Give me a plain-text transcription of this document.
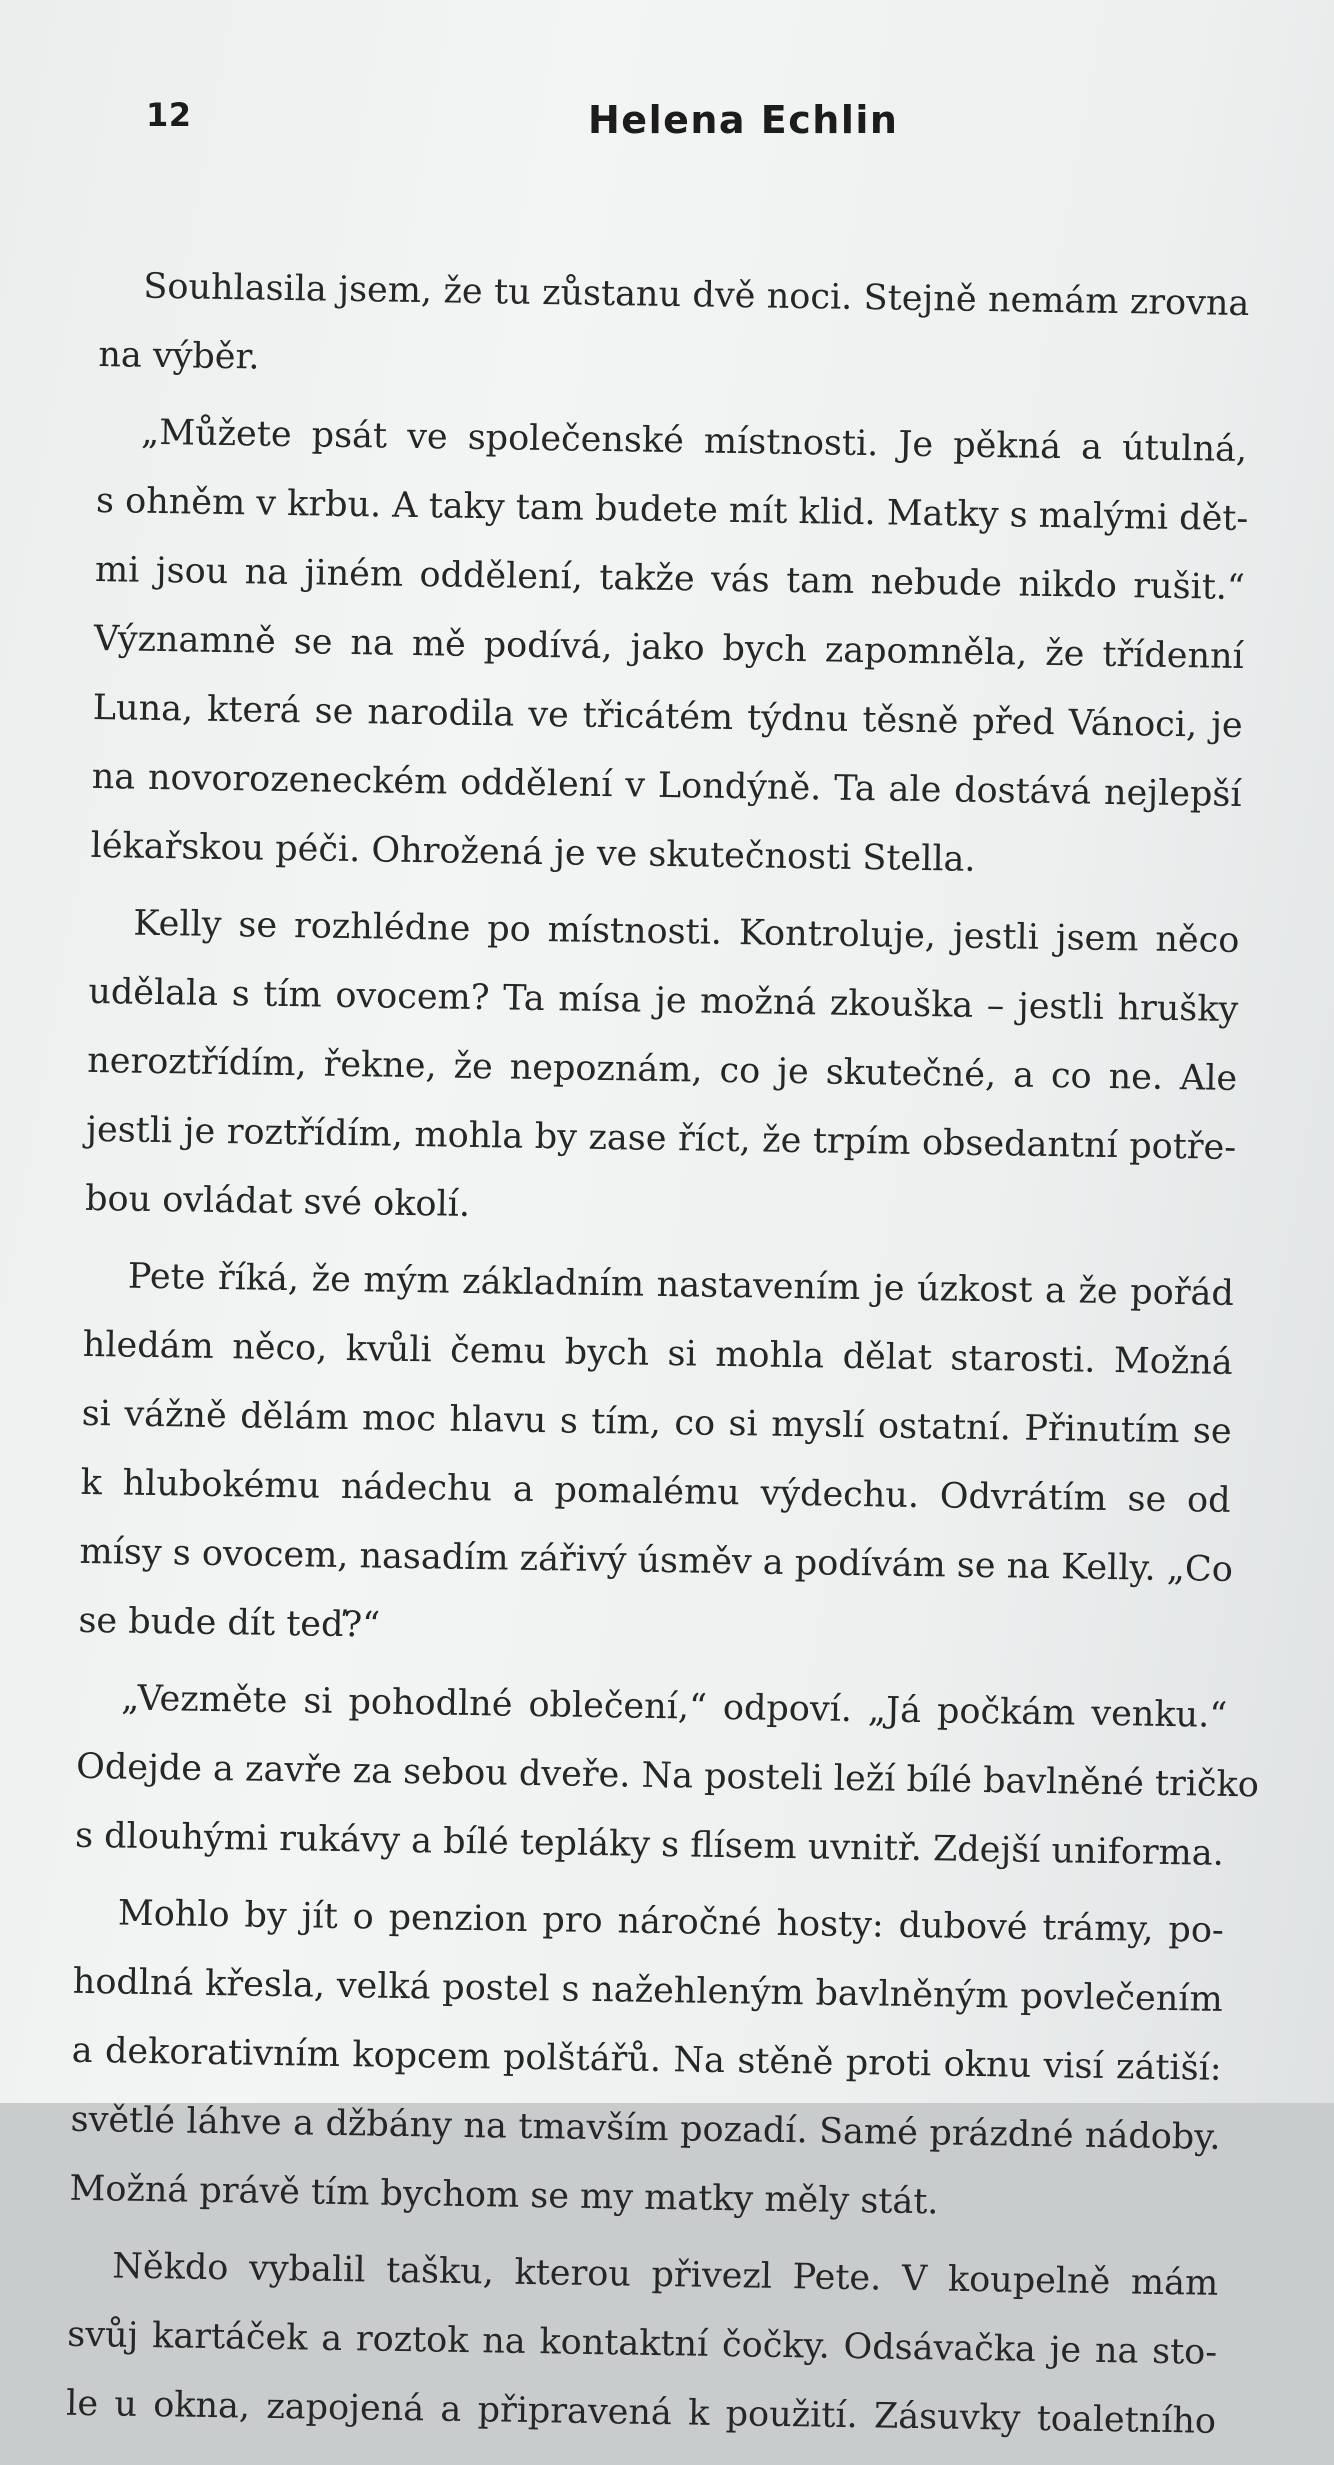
12	Helena Echlin
Souhlasila jsem, že tu zůstanu dvě noci. Stejně nemám zrovna
na výběr.
„Můžete psát ve společenské místnosti. Je pěkná a útulná,
s ohněm v krbu. A taky tam budete mít klid. Matky s malými dět-
mi jsou na jiném oddělení, takže vás tam nebude nikdo rušit.“
Významně se na mě podívá, jako bych zapomněla, že třídenní
Luna, která se narodila ve třicátém týdnu těsně před Vánoci, je
na novorozeneckém oddělení v Londýně. Ta ale dostává nejlepší
lékařskou péči. Ohrožená je ve skutečnosti Stella.
Kelly se rozhlédne po místnosti. Kontroluje, jestli jsem něco
udělala s tím ovocem? Ta mísa je možná zkouška – jestli hrušky
neroztřídím, řekne, že nepoznám, co je skutečné, a co ne. Ale
jestli je roztřídím, mohla by zase říct, že trpím obsedantní potře-
bou ovládat své okolí.
Pete říká, že mým základním nastavením je úzkost a že pořád
hledám něco, kvůli čemu bych si mohla dělat starosti. Možná
si vážně dělám moc hlavu s tím, co si myslí ostatní. Přinutím se
k hlubokému nádechu a pomalému výdechu. Odvrátím se od
mísy s ovocem, nasadím zářivý úsměv a podívám se na Kelly. „Co
se bude dít teď?“
„Vezměte si pohodlné oblečení,“ odpoví. „Já počkám venku.“
Odejde a zavře za sebou dveře. Na posteli leží bílé bavlněné tričko
s dlouhými rukávy a bílé tepláky s flísem uvnitř. Zdejší uniforma.
Mohlo by jít o penzion pro náročné hosty: dubové trámy, po-
hodlná křesla, velká postel s nažehleným bavlněným povlečením
a dekorativním kopcem polštářů. Na stěně proti oknu visí zátiší:
světlé láhve a džbány na tmavším pozadí. Samé prázdné nádoby.
Možná právě tím bychom se my matky měly stát.
Někdo vybalil tašku, kterou přivezl Pete. V koupelně mám
svůj kartáček a roztok na kontaktní čočky. Odsávačka je na sto-
le u okna, zapojená a připravená k použití. Zásuvky toaletního
